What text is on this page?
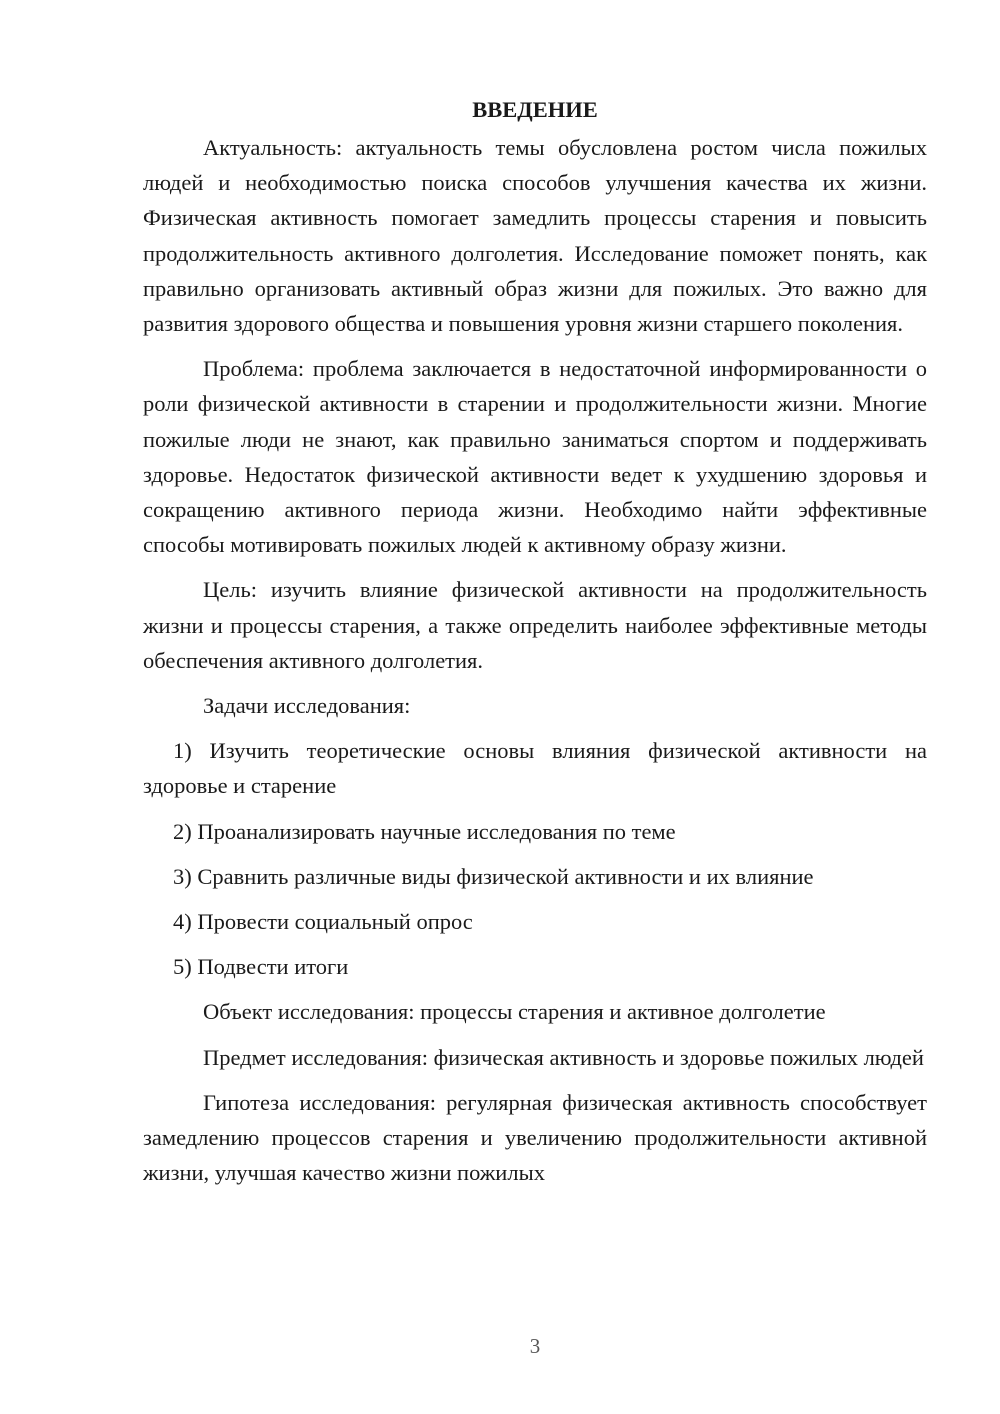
ВВЕДЕНИЕ

Актуальность: актуальность темы обусловлена ростом числа пожилых людей и необходимостью поиска способов улучшения качества их жизни. Физическая активность помогает замедлить процессы старения и повысить продолжительность активного долголетия. Исследование поможет понять, как правильно организовать активный образ жизни для пожилых. Это важно для развития здорового общества и повышения уровня жизни старшего поколения.

Проблема: проблема заключается в недостаточной информированности о роли физической активности в старении и продолжительности жизни. Многие пожилые люди не знают, как правильно заниматься спортом и поддерживать здоровье. Недостаток физической активности ведет к ухудшению здоровья и сокращению активного периода жизни. Необходимо найти эффективные способы мотивировать пожилых людей к активному образу жизни.

Цель: изучить влияние физической активности на продолжительность жизни и процессы старения, а также определить наиболее эффективные методы обеспечения активного долголетия.

Задачи исследования:

1) Изучить теоретические основы влияния физической активности на здоровье и старение

2) Проанализировать научные исследования по теме

3) Сравнить различные виды физической активности и их влияние

4) Провести социальный опрос

5) Подвести итоги

Объект исследования: процессы старения и активное долголетие

Предмет исследования: физическая активность и здоровье пожилых людей

Гипотеза исследования: регулярная физическая активность способствует замедлению процессов старения и увеличению продолжительности активной жизни, улучшая качество жизни пожилых

3
